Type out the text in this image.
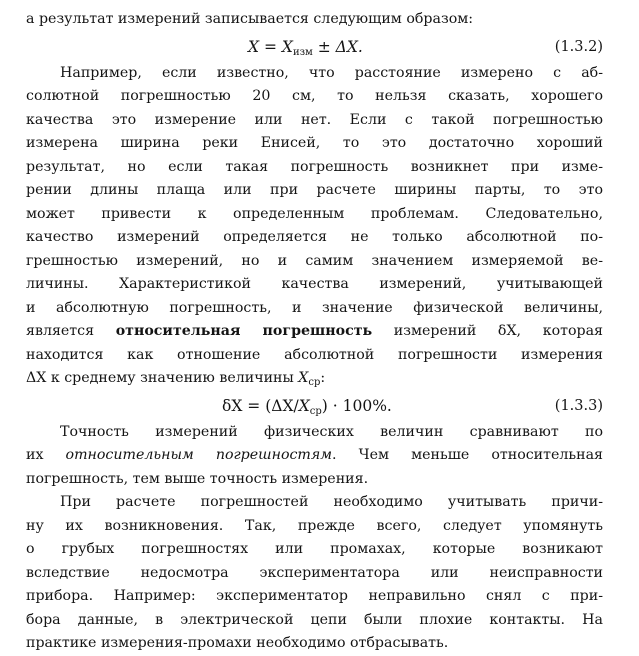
а результат измерений записывается следующим образом:
$X = X_{изм} \pm \Delta X$.	(1.3.2)
Например, если известно, что расстояние измерено с аб-
солютной погрешностью 20 см, то нельзя сказать, хорошего
качества это измерение или нет. Если с такой погрешностью
измерена ширина реки Енисей, то это достаточно хороший
результат, но если такая погрешность возникнет при изме-
рении длины плаща или при расчете ширины парты, то это
может привести к определенным проблемам. Следовательно,
качество измерений определяется не только абсолютной по-
грешностью измерений, но и самим значением измеряемой ве-
личины. Характеристикой качества измерений, учитывающей
и абсолютную погрешность, и значение физической величины,
является относительная погрешность измерений δX, которая
находится как отношение абсолютной погрешности измерения
ΔX к среднему значению величины $X_{ср}$:
$\delta X = (\Delta X/X_{ср}) \cdot 100\%$.	(1.3.3)
Точность измерений физических величин сравнивают по
их относительным погрешностям. Чем меньше относительная
погрешность, тем выше точность измерения.
При расчете погрешностей необходимо учитывать причи-
ну их возникновения. Так, прежде всего, следует упомянуть
о грубых погрешностях или промахах, которые возникают
вследствие недосмотра экспериментатора или неисправности
прибора. Например: экспериментатор неправильно снял с при-
бора данные, в электрической цепи были плохие контакты. На
практике измерения-промахи необходимо отбрасывать.
